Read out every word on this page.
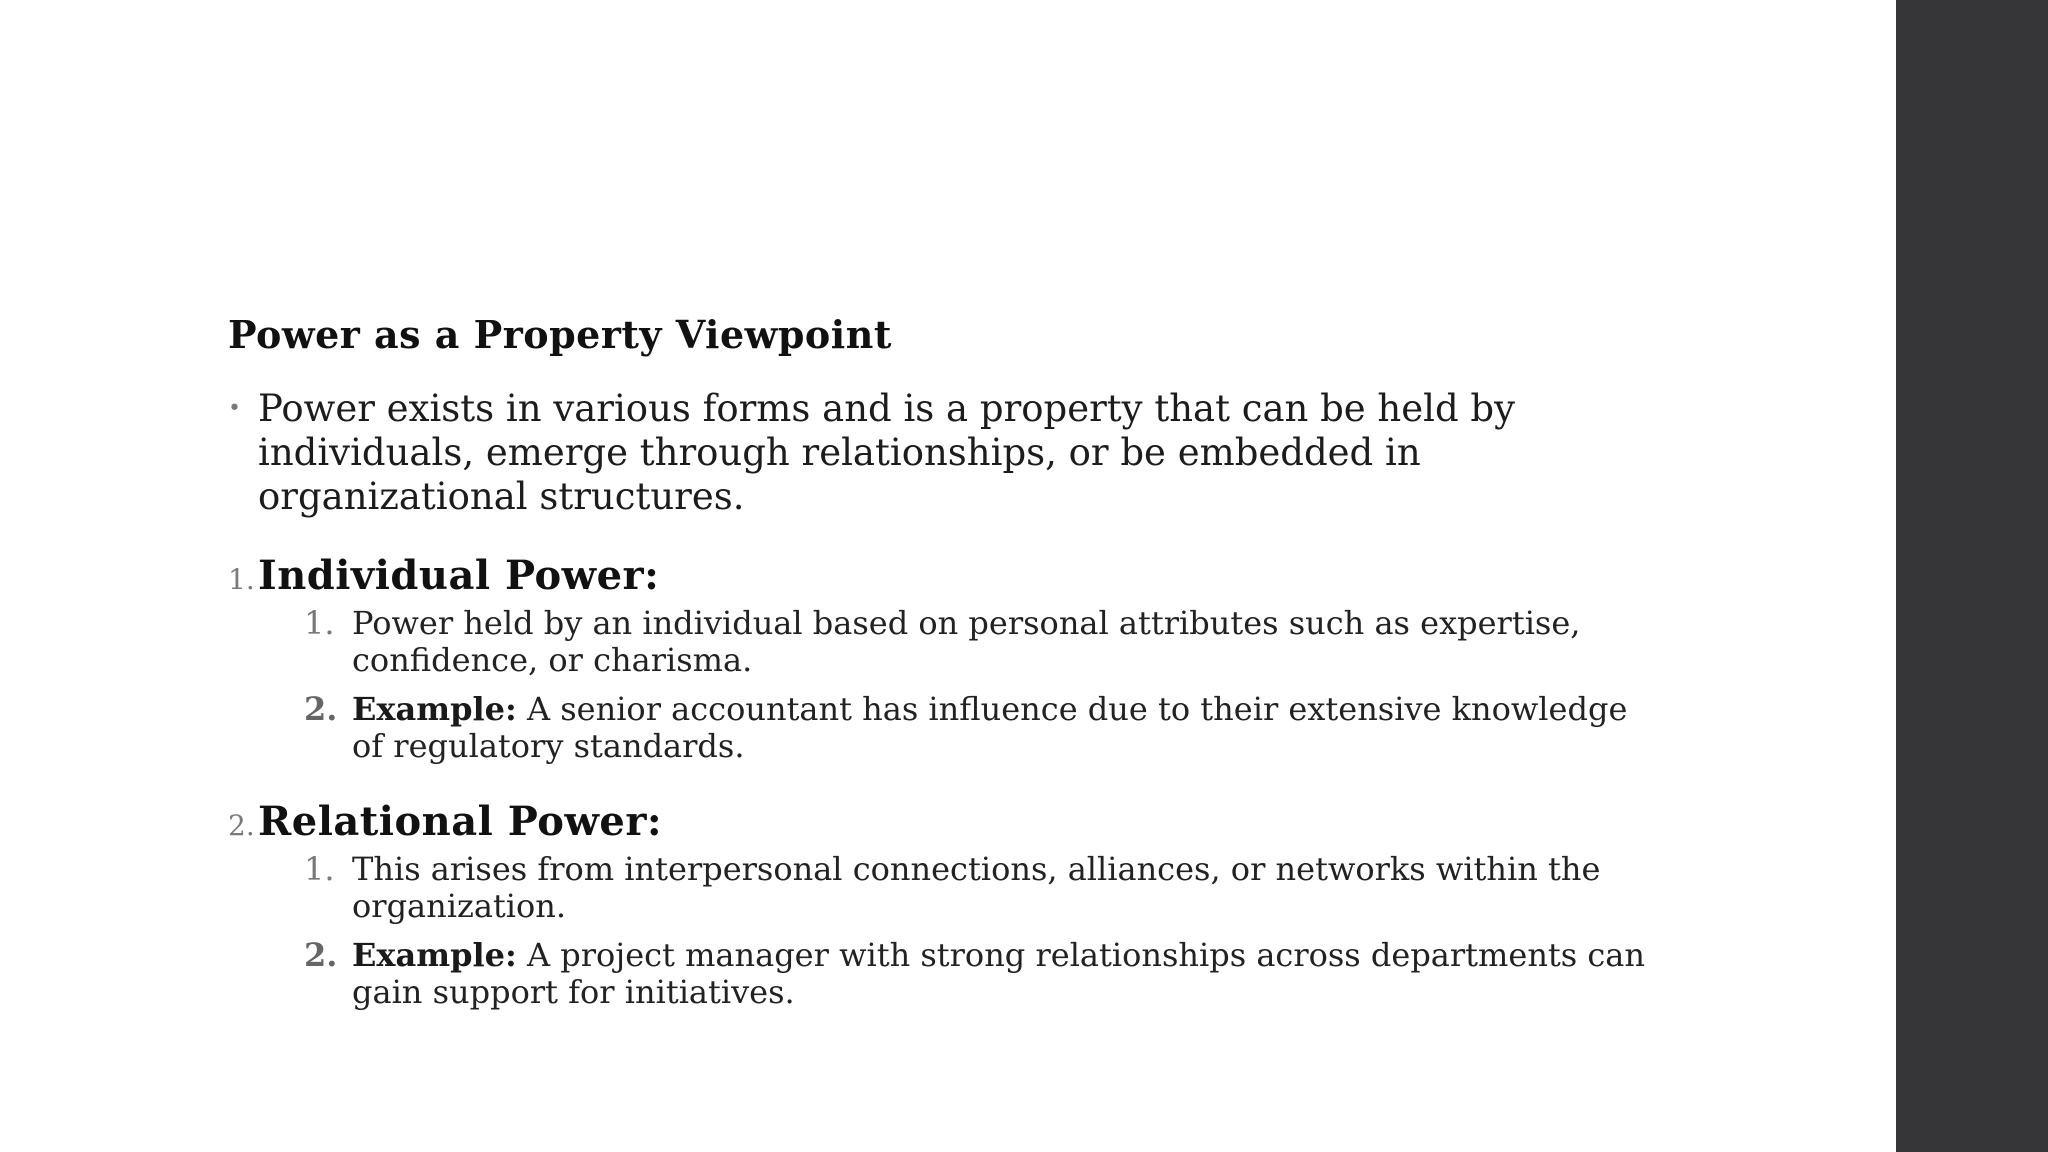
Power as a Property Viewpoint
• Power exists in various forms and is a property that can be held by individuals, emerge through relationships, or be embedded in organizational structures.
1. Individual Power:
1. Power held by an individual based on personal attributes such as expertise, confidence, or charisma.
2. Example: A senior accountant has influence due to their extensive knowledge of regulatory standards.
2. Relational Power:
1. This arises from interpersonal connections, alliances, or networks within the organization.
2. Example: A project manager with strong relationships across departments can gain support for initiatives.
